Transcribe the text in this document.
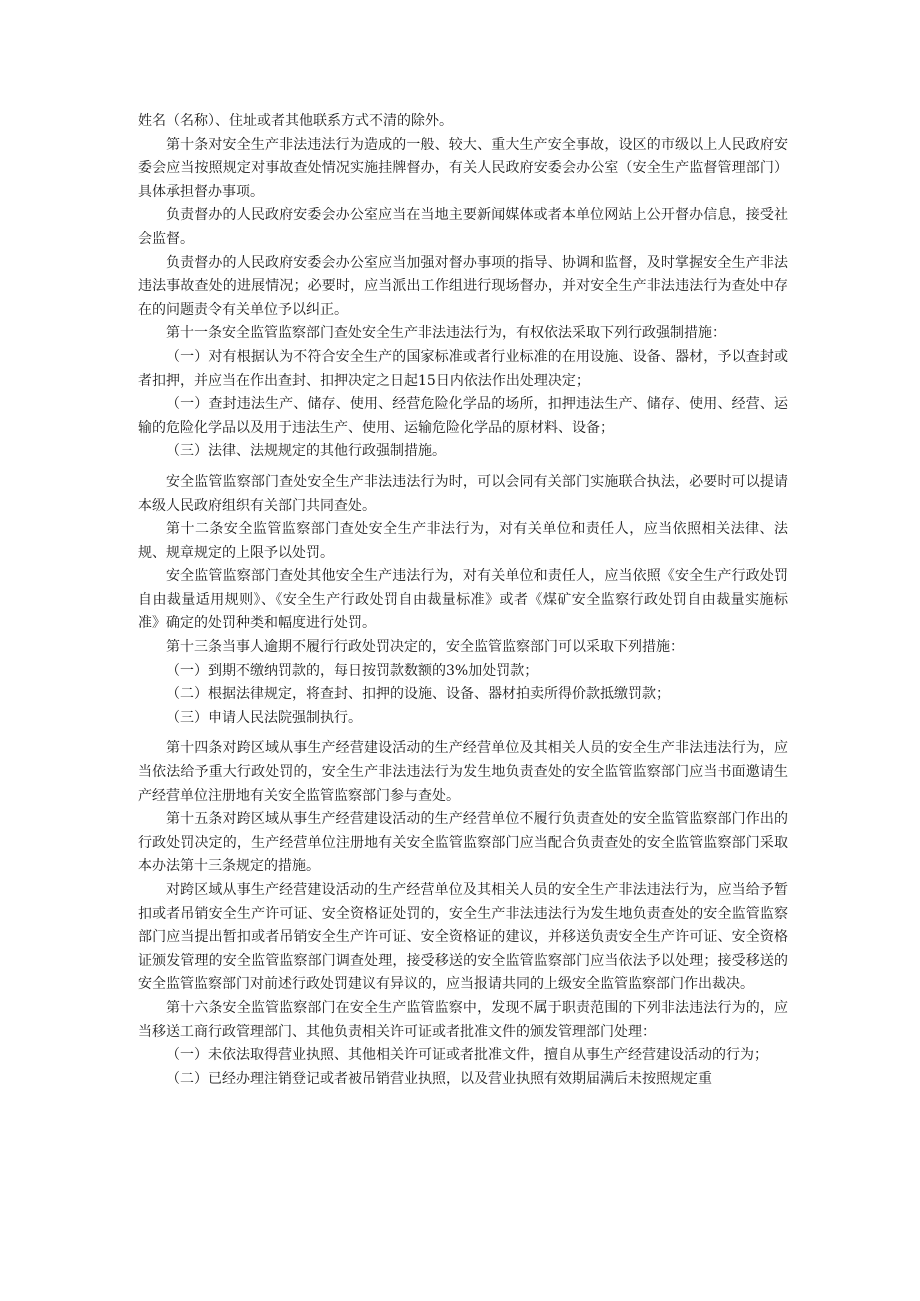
姓名（名称）、住址或者其他联系方式不清的除外。

第十条对安全生产非法违法行为造成的一般、较大、重大生产安全事故，设区的市级以上人民政府安委会应当按照规定对事故查处情况实施挂牌督办，有关人民政府安委会办公室（安全生产监督管理部门）具体承担督办事项。

负责督办的人民政府安委会办公室应当在当地主要新闻媒体或者本单位网站上公开督办信息，接受社会监督。

负责督办的人民政府安委会办公室应当加强对督办事项的指导、协调和监督，及时掌握安全生产非法违法事故查处的进展情况；必要时，应当派出工作组进行现场督办，并对安全生产非法违法行为查处中存在的问题责令有关单位予以纠正。

第十一条安全监管监察部门查处安全生产非法违法行为，有权依法采取下列行政强制措施：

（一）对有根据认为不符合安全生产的国家标准或者行业标准的在用设施、设备、器材，予以查封或者扣押，并应当在作出查封、扣押决定之日起15日内依法作出处理决定；

（一）查封违法生产、储存、使用、经营危险化学品的场所，扣押违法生产、储存、使用、经营、运输的危险化学品以及用于违法生产、使用、运输危险化学品的原材料、设备；

（三）法律、法规规定的其他行政强制措施。

安全监管监察部门查处安全生产非法违法行为时，可以会同有关部门实施联合执法，必要时可以提请本级人民政府组织有关部门共同查处。

第十二条安全监管监察部门查处安全生产非法行为，对有关单位和责任人，应当依照相关法律、法规、规章规定的上限予以处罚。

安全监管监察部门查处其他安全生产违法行为，对有关单位和责任人，应当依照《安全生产行政处罚自由裁量适用规则》、《安全生产行政处罚自由裁量标准》或者《煤矿安全监察行政处罚自由裁量实施标准》确定的处罚种类和幅度进行处罚。

第十三条当事人逾期不履行行政处罚决定的，安全监管监察部门可以采取下列措施：

（一）到期不缴纳罚款的，每日按罚款数额的3%加处罚款；

（二）根据法律规定，将查封、扣押的设施、设备、器材拍卖所得价款抵缴罚款；

（三）申请人民法院强制执行。

第十四条对跨区域从事生产经营建设活动的生产经营单位及其相关人员的安全生产非法违法行为，应当依法给予重大行政处罚的，安全生产非法违法行为发生地负责查处的安全监管监察部门应当书面邀请生产经营单位注册地有关安全监管监察部门参与查处。

第十五条对跨区域从事生产经营建设活动的生产经营单位不履行负责查处的安全监管监察部门作出的行政处罚决定的，生产经营单位注册地有关安全监管监察部门应当配合负责查处的安全监管监察部门采取本办法第十三条规定的措施。

对跨区域从事生产经营建设活动的生产经营单位及其相关人员的安全生产非法违法行为，应当给予暂扣或者吊销安全生产许可证、安全资格证处罚的，安全生产非法违法行为发生地负责查处的安全监管监察部门应当提出暂扣或者吊销安全生产许可证、安全资格证的建议，并移送负责安全生产许可证、安全资格证颁发管理的安全监管监察部门调查处理，接受移送的安全监管监察部门应当依法予以处理；接受移送的安全监管监察部门对前述行政处罚建议有异议的，应当报请共同的上级安全监管监察部门作出裁决。

第十六条安全监管监察部门在安全生产监管监察中，发现不属于职责范围的下列非法违法行为的，应当移送工商行政管理部门、其他负责相关许可证或者批准文件的颁发管理部门处理：

（一）未依法取得营业执照、其他相关许可证或者批准文件，擅自从事生产经营建设活动的行为；

（二）已经办理注销登记或者被吊销营业执照，以及营业执照有效期届满后未按照规定重
